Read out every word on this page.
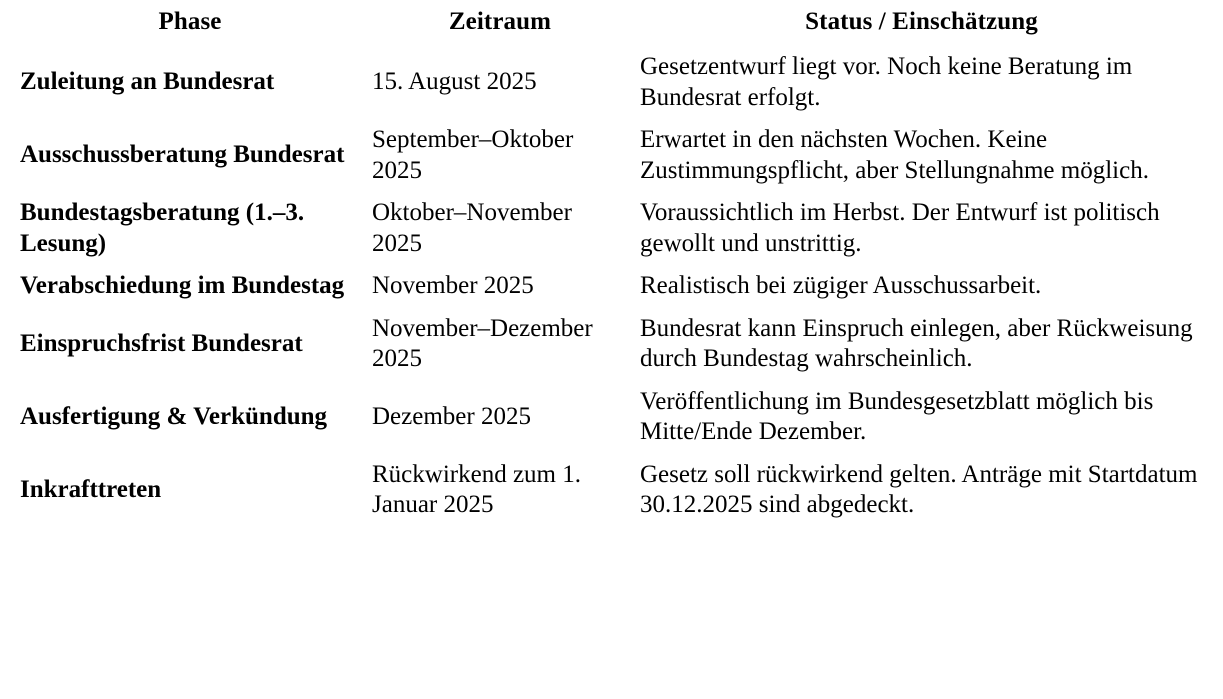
Phase	Zeitraum	Status / Einschätzung
Zuleitung an Bundesrat	15. August 2025	Gesetzentwurf liegt vor. Noch keine Beratung im Bundesrat erfolgt.
Ausschussberatung Bundesrat	September–Oktober 2025	Erwartet in den nächsten Wochen. Keine Zustimmungspflicht, aber Stellungnahme möglich.
Bundestagsberatung (1.–3. Lesung)	Oktober–November 2025	Voraussichtlich im Herbst. Der Entwurf ist politisch gewollt und unstrittig.
Verabschiedung im Bundestag	November 2025	Realistisch bei zügiger Ausschussarbeit.
Einspruchsfrist Bundesrat	November–Dezember 2025	Bundesrat kann Einspruch einlegen, aber Rückweisung durch Bundestag wahrscheinlich.
Ausfertigung & Verkündung	Dezember 2025	Veröffentlichung im Bundesgesetzblatt möglich bis Mitte/Ende Dezember.
Inkrafttreten	Rückwirkend zum 1. Januar 2025	Gesetz soll rückwirkend gelten. Anträge mit Startdatum 30.12.2025 sind abgedeckt.
